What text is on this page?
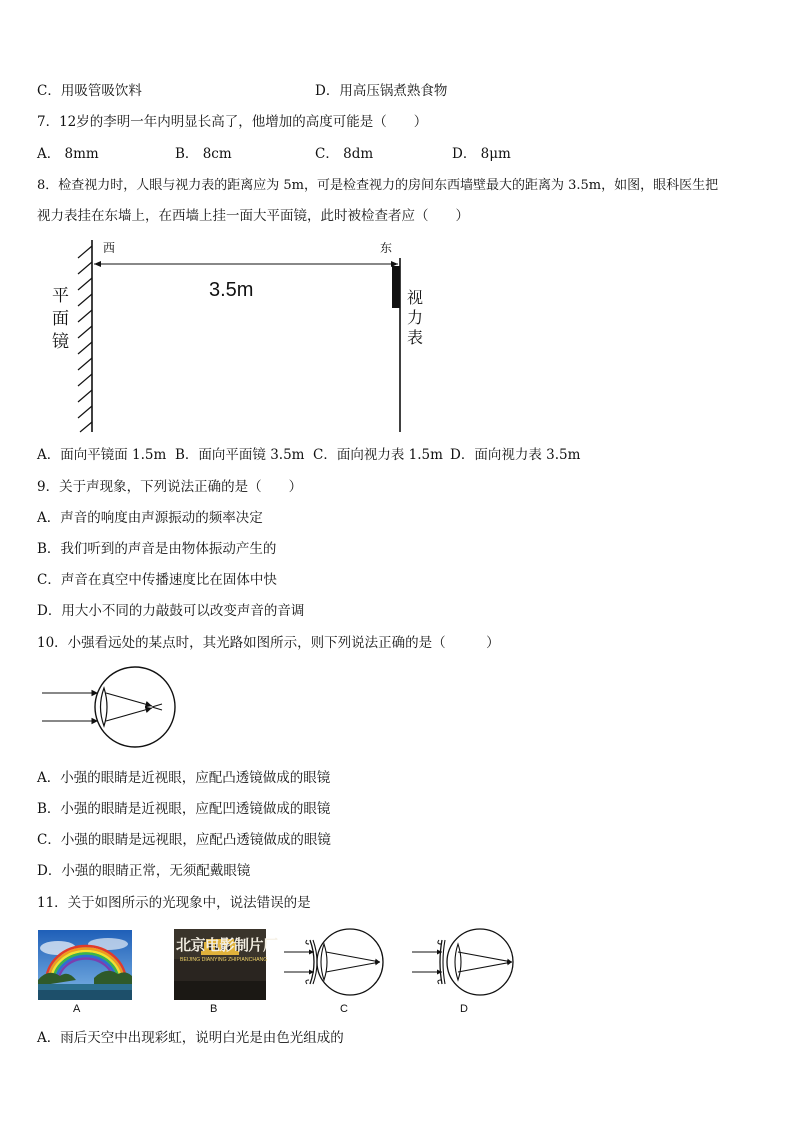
C．用吸管吸饮料	D．用高压锅煮熟食物
7．12岁的李明一年内明显长高了，他增加的高度可能是（　　）
A． 8mm	B． 8cm	C． 8dm	D． 8μm
8．检查视力时，人眼与视力表的距离应为 5m，可是检查视力的房间东西墙壁最大的距离为 3.5m，如图，眼科医生把
视力表挂在东墙上，在西墙上挂一面大平面镜，此时被检查者应（　　）
西	东
3.5m
平
面
镜
视
力
表
A．面向平镜面 1.5m B．面向平面镜 3.5m C．面向视力表 1.5m D．面向视力表 3.5m
9．关于声现象，下列说法正确的是（　　）
A．声音的响度由声源振动的频率决定
B．我们听到的声音是由物体振动产生的
C．声音在真空中传播速度比在固体中快
D．用大小不同的力敲鼓可以改变声音的音调
10．小强看远处的某点时，其光路如图所示，则下列说法正确的是（　　　）
A．小强的眼睛是近视眼，应配凸透镜做成的眼镜
B．小强的眼睛是近视眼，应配凹透镜做成的眼镜
C．小强的眼睛是远视眼，应配凸透镜做成的眼镜
D．小强的眼睛正常，无须配戴眼镜
11．关于如图所示的光现象中，说法错误的是
北京电影制片厂
BEIJING DIANYING ZHIPIANCHANG
A	B	C	D
A．雨后天空中出现彩虹，说明白光是由色光组成的
